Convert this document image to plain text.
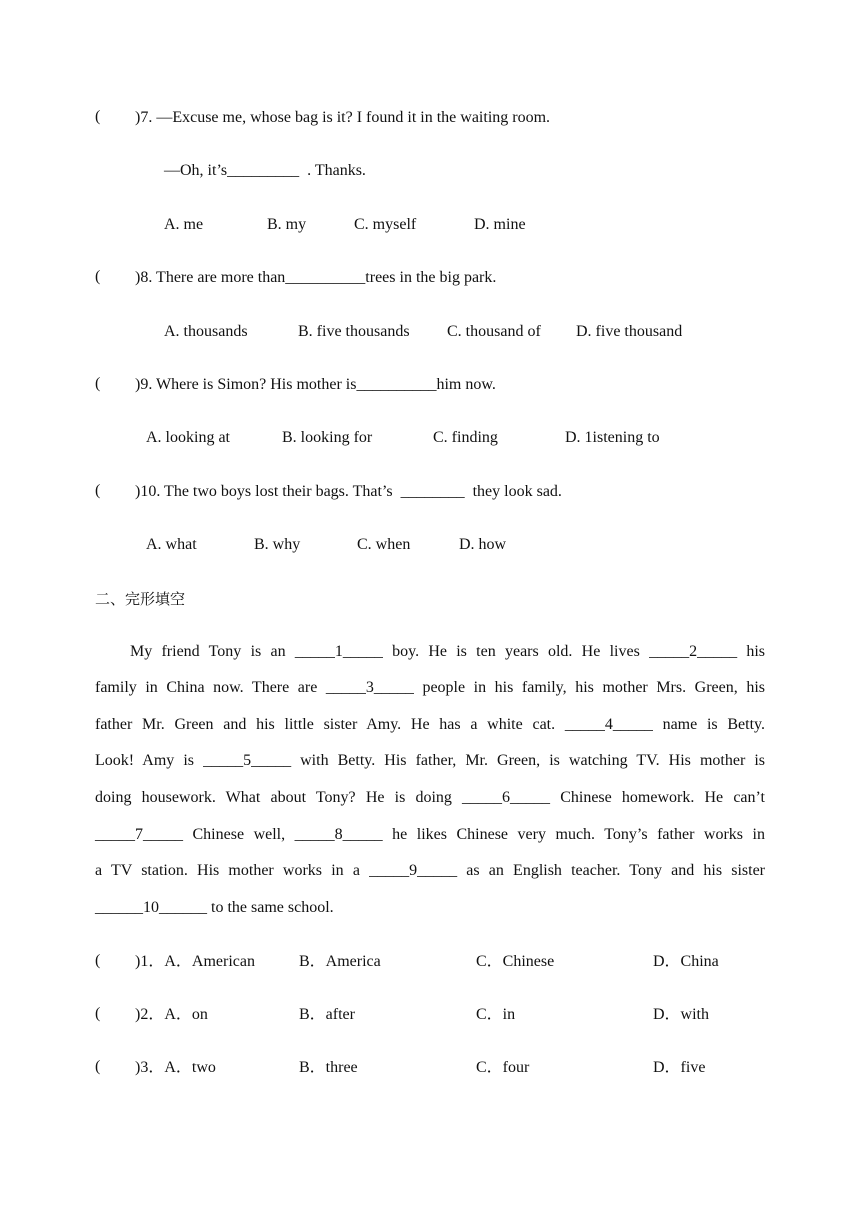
( )7. —Excuse me, whose bag is it? I found it in the waiting room.
—Oh, it’s_________  . Thanks.
A. me	B. my	C. myself	D. mine
( )8. There are more than__________trees in the big park.
A. thousands	B. five thousands C. thousand of D. five thousand
( )9. Where is Simon? His mother is__________him now.
A. looking at	B. looking for	C. finding	D. 1istening to
( )10. The two boys lost their bags. That’s  ________  they look sad.
A. what	B. why	C. when	D. how
二、完形填空
My friend Tony is an _____1_____ boy. He is ten years old. He lives _____2_____ his
family in China now. There are _____3_____ people in his family, his mother Mrs. Green, his
father Mr. Green and his little sister Amy. He has a white cat. _____4_____ name is Betty.
Look! Amy is _____5_____ with Betty. His father, Mr. Green, is watching TV. His mother is
doing housework. What about Tony? He is doing _____6_____ Chinese homework. He can’t
_____7_____ Chinese well, _____8_____ he likes Chinese very much. Tony’s father works in
a TV station. His mother works in a _____9_____ as an English teacher. Tony and his sister
______10______ to the same school.
( )1．A．American	B．America	C．Chinese	D．China
( )2．A．on	B．after	C．in	D．with
( )3．A．two	B．three	C．four	D．five
